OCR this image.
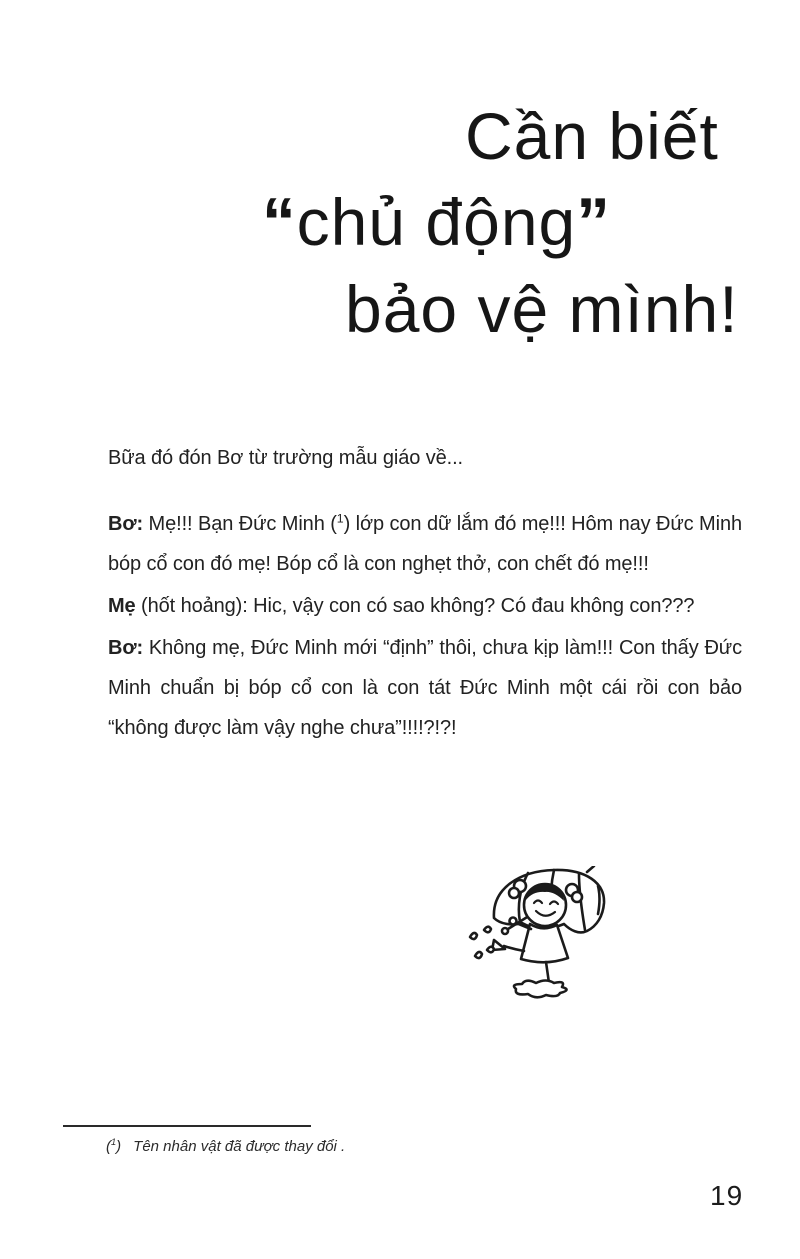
Cần biết
“chủ động”
bảo vệ mình!

Bữa đó đón Bơ từ trường mẫu giáo về...

Bơ: Mẹ!!! Bạn Đức Minh ($^1$) lớp con dữ lắm đó mẹ!!! Hôm nay Đức Minh bóp cổ con đó mẹ! Bóp cổ là con nghẹt thở, con chết đó mẹ!!!

Mẹ (hốt hoảng): Hic, vậy con có sao không? Có đau không con???

Bơ: Không mẹ, Đức Minh mới “định” thôi, chưa kịp làm!!! Con thấy Đức Minh chuẩn bị bóp cổ con là con tát Đức Minh một cái rồi con bảo “không được làm vậy nghe chưa”!!!!?!?!

($^1$) Tên nhân vật đã được thay đổi .
19
